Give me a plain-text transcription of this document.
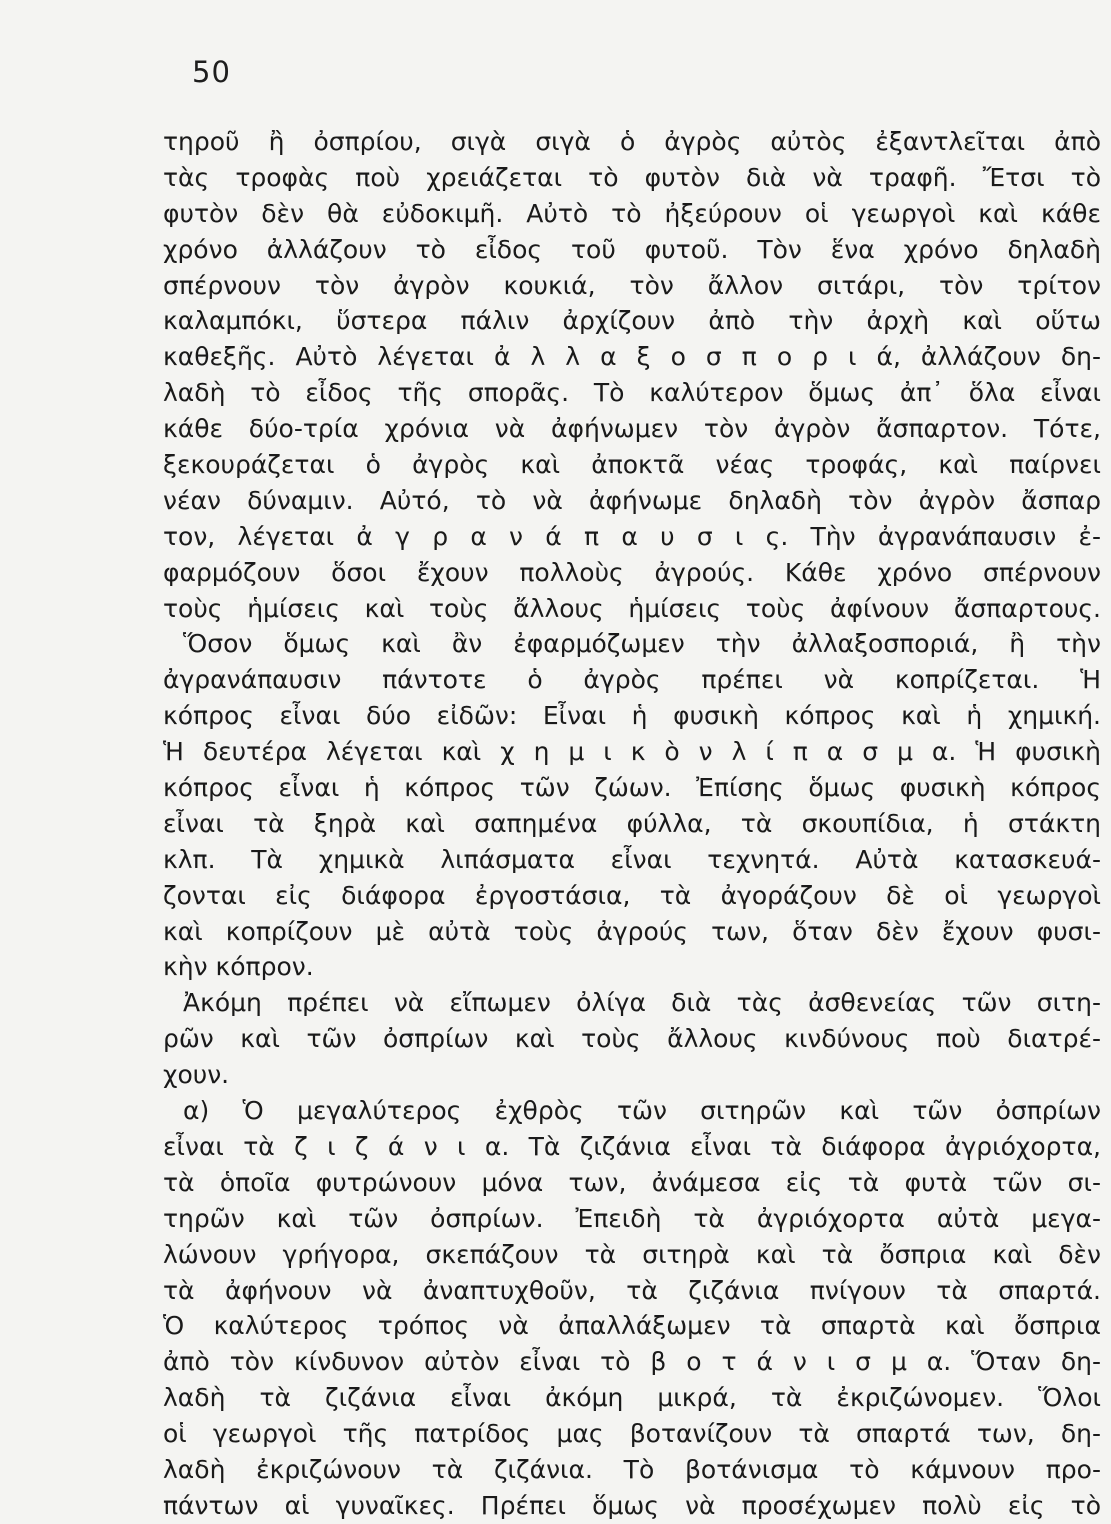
50
τηροῦ ἢ ὀσπρίου, σιγὰ σιγὰ ὁ ἀγρὸς αὐτὸς ἐξαντλεῖται ἀπὸ
τὰς τροφὰς ποὺ χρειάζεται τὸ φυτὸν διὰ νὰ τραφῆ. Ἔτσι τὸ
φυτὸν δὲν θὰ εὐδοκιμῆ. Αὐτὸ τὸ ἠξεύρουν οἱ γεωργοὶ καὶ κάθε
χρόνο ἀλλάζουν τὸ εἶδος τοῦ φυτοῦ. Τὸν ἕνα χρόνο δηλαδὴ
σπέρνουν τὸν ἀγρὸν κουκιά, τὸν ἄλλον σιτάρι, τὸν τρίτον
καλαμπόκι, ὕστερα πάλιν ἀρχίζουν ἀπὸ τὴν ἀρχὴ καὶ οὕτω
καθεξῆς. Αὐτὸ λέγεται ἀ λ λ α ξ ο σ π ο ρ ι ά, ἀλλάζουν δη-
λαδὴ τὸ εἶδος τῆς σπορᾶς. Τὸ καλύτερον ὅμως ἀπ᾿ ὅλα εἶναι
κάθε δύο-τρία χρόνια νὰ ἀφήνωμεν τὸν ἀγρὸν ἄσπαρτον. Τότε,
ξεκουράζεται ὁ ἀγρὸς καὶ ἀποκτᾶ νέας τροφάς, καὶ παίρνει
νέαν δύναμιν. Αὐτό, τὸ νὰ ἀφήνωμε δηλαδὴ τὸν ἀγρὸν ἄσπαρ
τον, λέγεται ἀ γ ρ α ν ά π α υ σ ι ς. Τὴν ἀγρανάπαυσιν ἐ-
φαρμόζουν ὅσοι ἔχουν πολλοὺς ἀγρούς. Κάθε χρόνο σπέρνουν
τοὺς ἡμίσεις καὶ τοὺς ἄλλους ἡμίσεις τοὺς ἀφίνουν ἄσπαρτους.
Ὅσον ὅμως καὶ ἂν ἐφαρμόζωμεν τὴν ἀλλαξοσποριά, ἢ τὴν
ἀγρανάπαυσιν πάντοτε ὁ ἀγρὸς πρέπει νὰ κοπρίζεται. Ἡ
κόπρος εἶναι δύο εἰδῶν: Εἶναι ἡ φυσικὴ κόπρος καὶ ἡ χημική.
Ἡ δευτέρα λέγεται καὶ χ η μ ι κ ὸ ν λ ί π α σ μ α. Ἡ φυσικὴ
κόπρος εἶναι ἡ κόπρος τῶν ζώων. Ἐπίσης ὅμως φυσικὴ κόπρος
εἶναι τὰ ξηρὰ καὶ σαπημένα φύλλα, τὰ σκουπίδια, ἡ στάκτη
κλπ. Τὰ χημικὰ λιπάσματα εἶναι τεχνητά. Αὐτὰ κατασκευά-
ζονται εἰς διάφορα ἐργοστάσια, τὰ ἀγοράζουν δὲ οἱ γεωργοὶ
καὶ κοπρίζουν μὲ αὐτὰ τοὺς ἀγρούς των, ὅταν δὲν ἔχουν φυσι-
κὴν κόπρον.
Ἀκόμη πρέπει νὰ εἴπωμεν ὀλίγα διὰ τὰς ἀσθενείας τῶν σιτη-
ρῶν καὶ τῶν ὀσπρίων καὶ τοὺς ἄλλους κινδύνους ποὺ διατρέ-
χουν.
α) Ὁ μεγαλύτερος ἐχθρὸς τῶν σιτηρῶν καὶ τῶν ὀσπρίων
εἶναι τὰ ζ ι ζ ά ν ι α. Τὰ ζιζάνια εἶναι τὰ διάφορα ἀγριόχορτα,
τὰ ὁποῖα φυτρώνουν μόνα των, ἀνάμεσα εἰς τὰ φυτὰ τῶν σι-
τηρῶν καὶ τῶν ὀσπρίων. Ἐπειδὴ τὰ ἀγριόχορτα αὐτὰ μεγα-
λώνουν γρήγορα, σκεπάζουν τὰ σιτηρὰ καὶ τὰ ὄσπρια καὶ δὲν
τὰ ἀφήνουν νὰ ἀναπτυχθοῦν, τὰ ζιζάνια πνίγουν τὰ σπαρτά.
Ὁ καλύτερος τρόπος νὰ ἀπαλλάξωμεν τὰ σπαρτὰ καὶ ὄσπρια
ἀπὸ τὸν κίνδυνον αὐτὸν εἶναι τὸ β ο τ ά ν ι σ μ α. Ὅταν δη-
λαδὴ τὰ ζιζάνια εἶναι ἀκόμη μικρά, τὰ ἐκριζώνομεν. Ὅλοι
οἱ γεωργοὶ τῆς πατρίδος μας βοτανίζουν τὰ σπαρτά των, δη-
λαδὴ ἐκριζώνουν τὰ ζιζάνια. Τὸ βοτάνισμα τὸ κάμνουν προ-
πάντων αἱ γυναῖκες. Πρέπει ὅμως νὰ προσέχωμεν πολὺ εἰς τὸ
